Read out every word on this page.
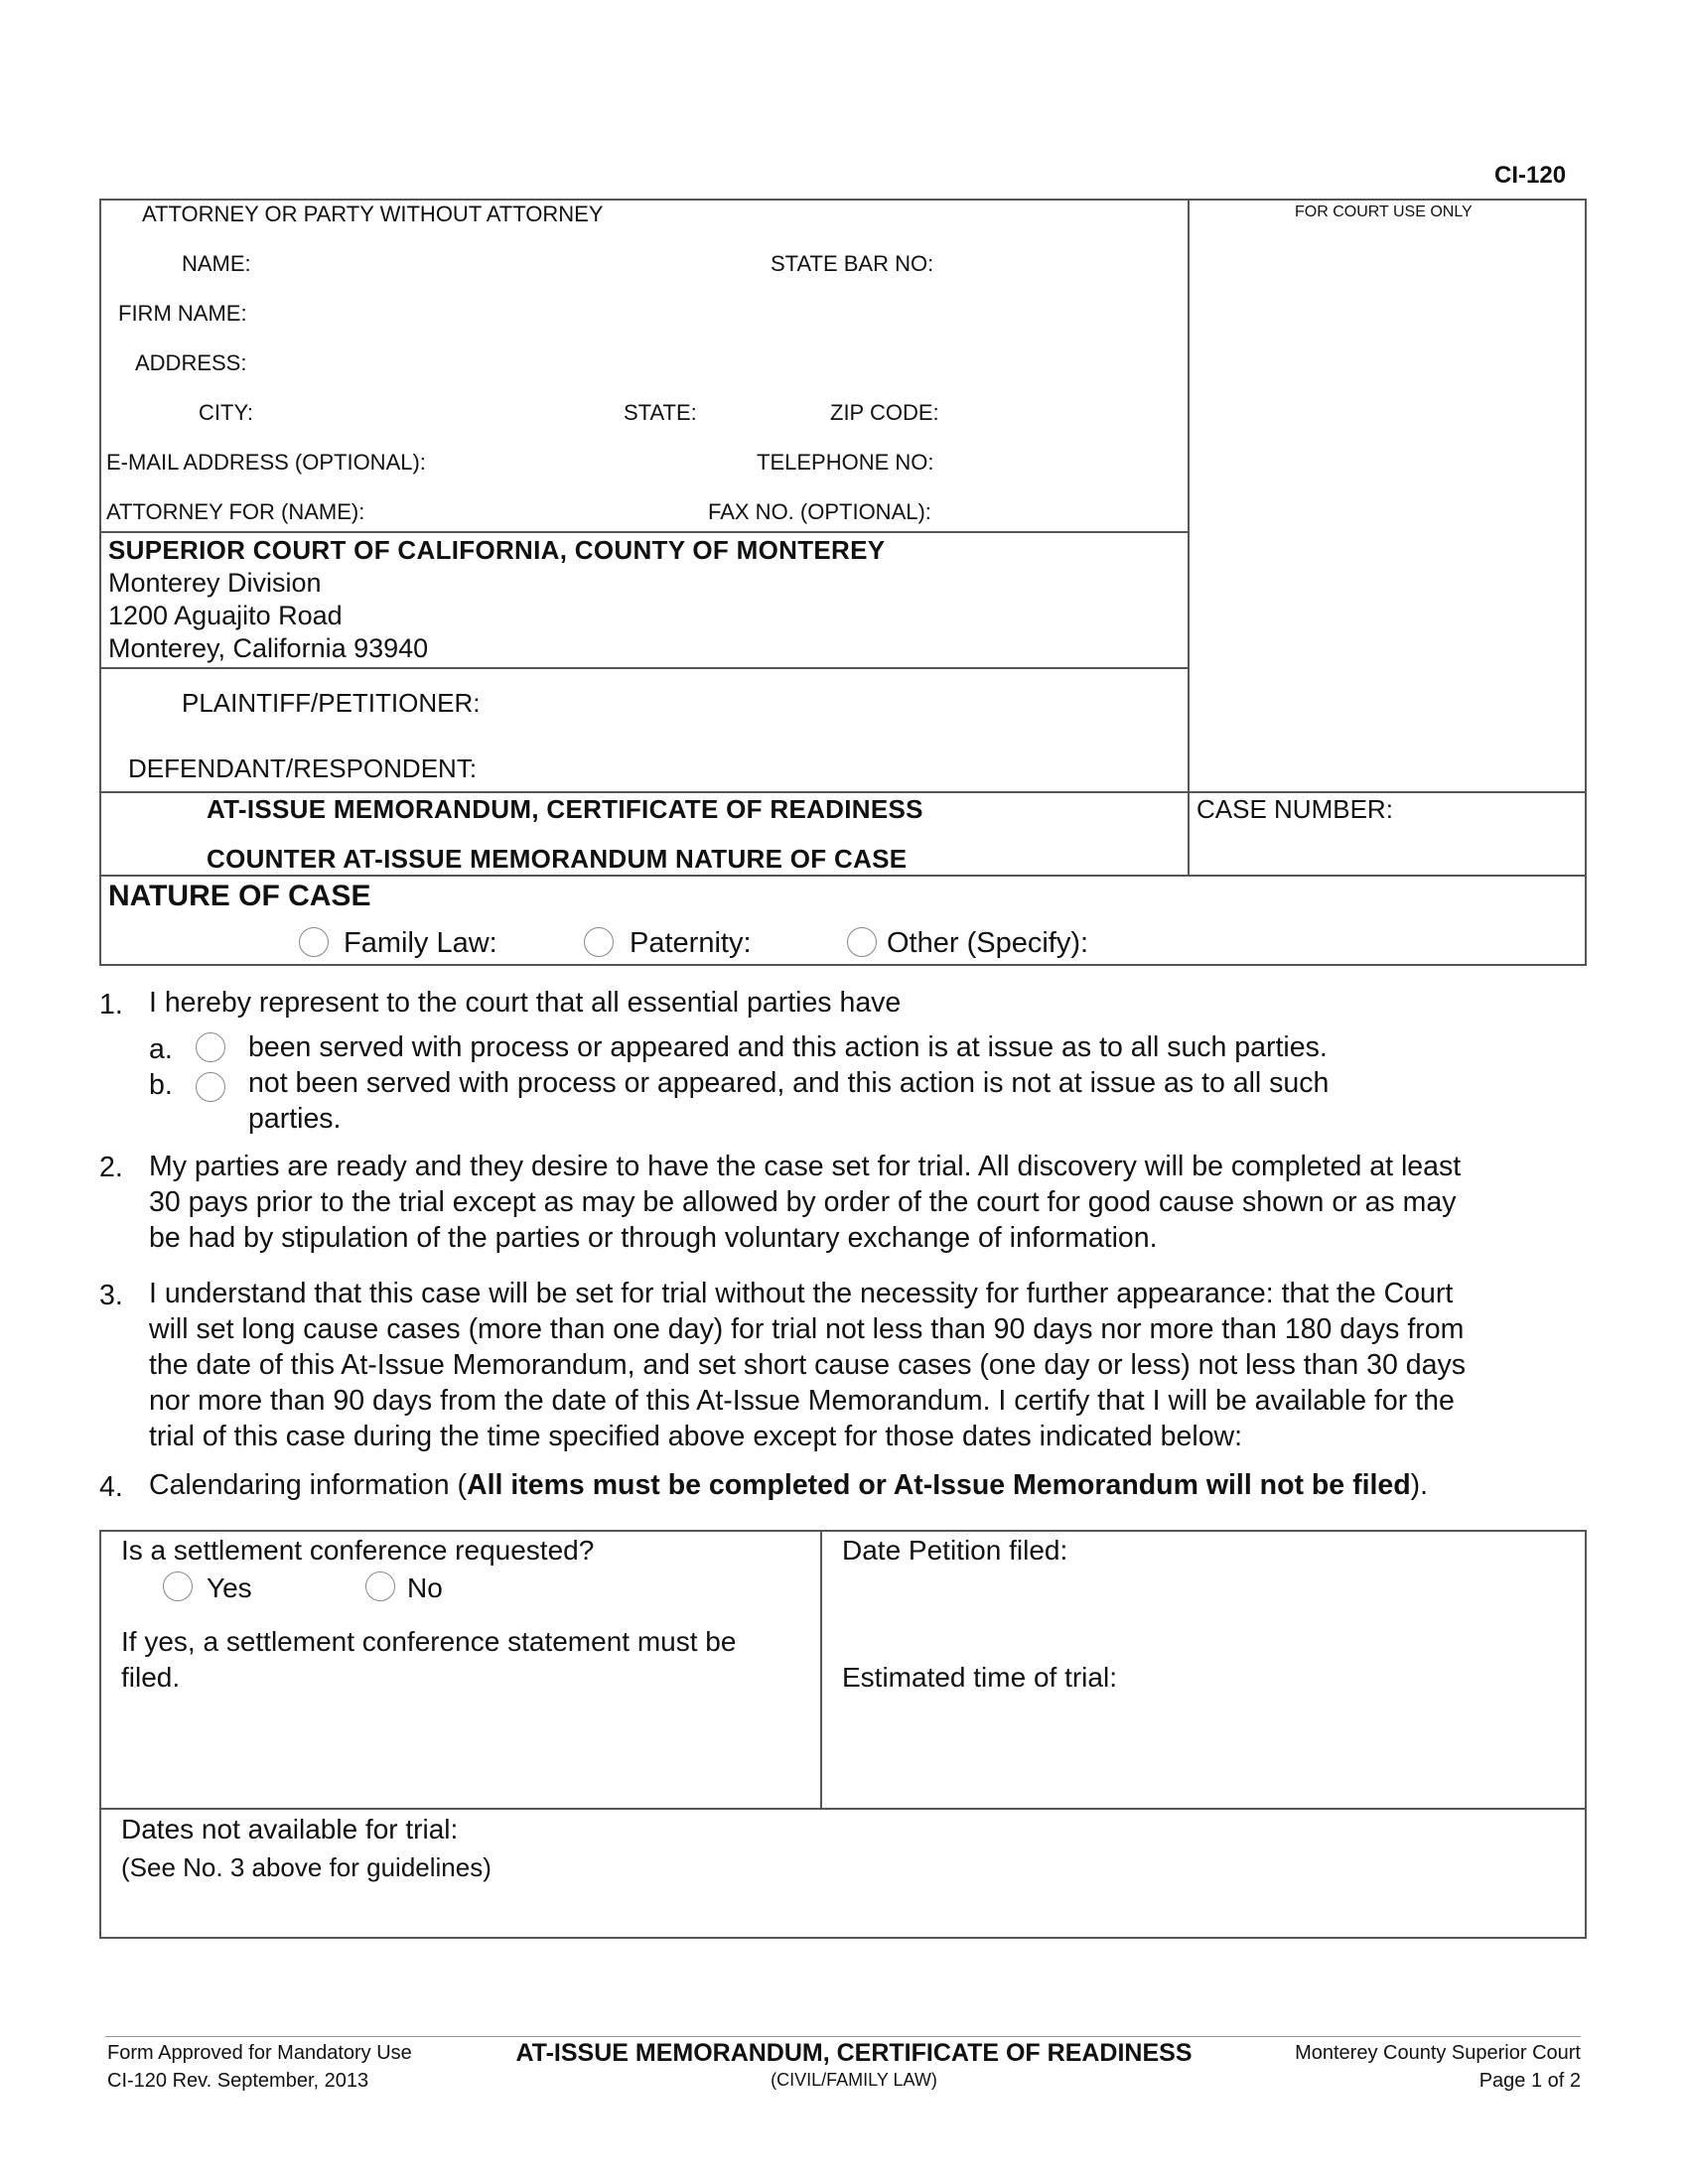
CI-120
ATTORNEY OR PARTY WITHOUT ATTORNEY
NAME:	STATE BAR NO:
FIRM NAME:
ADDRESS:
CITY:	STATE:	ZIP CODE:
E-MAIL ADDRESS (OPTIONAL):	TELEPHONE NO:
ATTORNEY FOR (NAME):	FAX NO. (OPTIONAL):
FOR COURT USE ONLY
SUPERIOR COURT OF CALIFORNIA, COUNTY OF MONTEREY
Monterey Division
1200 Aguajito Road
Monterey, California 93940
PLAINTIFF/PETITIONER:
DEFENDANT/RESPONDENT:
AT-ISSUE MEMORANDUM, CERTIFICATE OF READINESS
COUNTER AT-ISSUE MEMORANDUM NATURE OF CASE
CASE NUMBER:
NATURE OF CASE
Family Law:	Paternity:	Other (Specify):
1. I hereby represent to the court that all essential parties have
a.	been served with process or appeared and this action is at issue as to all such parties.
b.	not been served with process or appeared, and this action is not at issue as to all such
parties.
2. My parties are ready and they desire to have the case set for trial. All discovery will be completed at least
30 pays prior to the trial except as may be allowed by order of the court for good cause shown or as may
be had by stipulation of the parties or through voluntary exchange of information.
3. I understand that this case will be set for trial without the necessity for further appearance: that the Court
will set long cause cases (more than one day) for trial not less than 90 days nor more than 180 days from
the date of this At-Issue Memorandum, and set short cause cases (one day or less) not less than 30 days
nor more than 90 days from the date of this At-Issue Memorandum. I certify that I will be available for the
trial of this case during the time specified above except for those dates indicated below:
4. Calendaring information (All items must be completed or At-Issue Memorandum will not be filed).
Is a settlement conference requested?
Yes	No
If yes, a settlement conference statement must be
filed.
Date Petition filed:
Estimated time of trial:
Dates not available for trial:
(See No. 3 above for guidelines)
Form Approved for Mandatory Use
CI-120 Rev. September, 2013
AT-ISSUE MEMORANDUM, CERTIFICATE OF READINESS
(CIVIL/FAMILY LAW)
Monterey County Superior Court
Page 1 of 2
